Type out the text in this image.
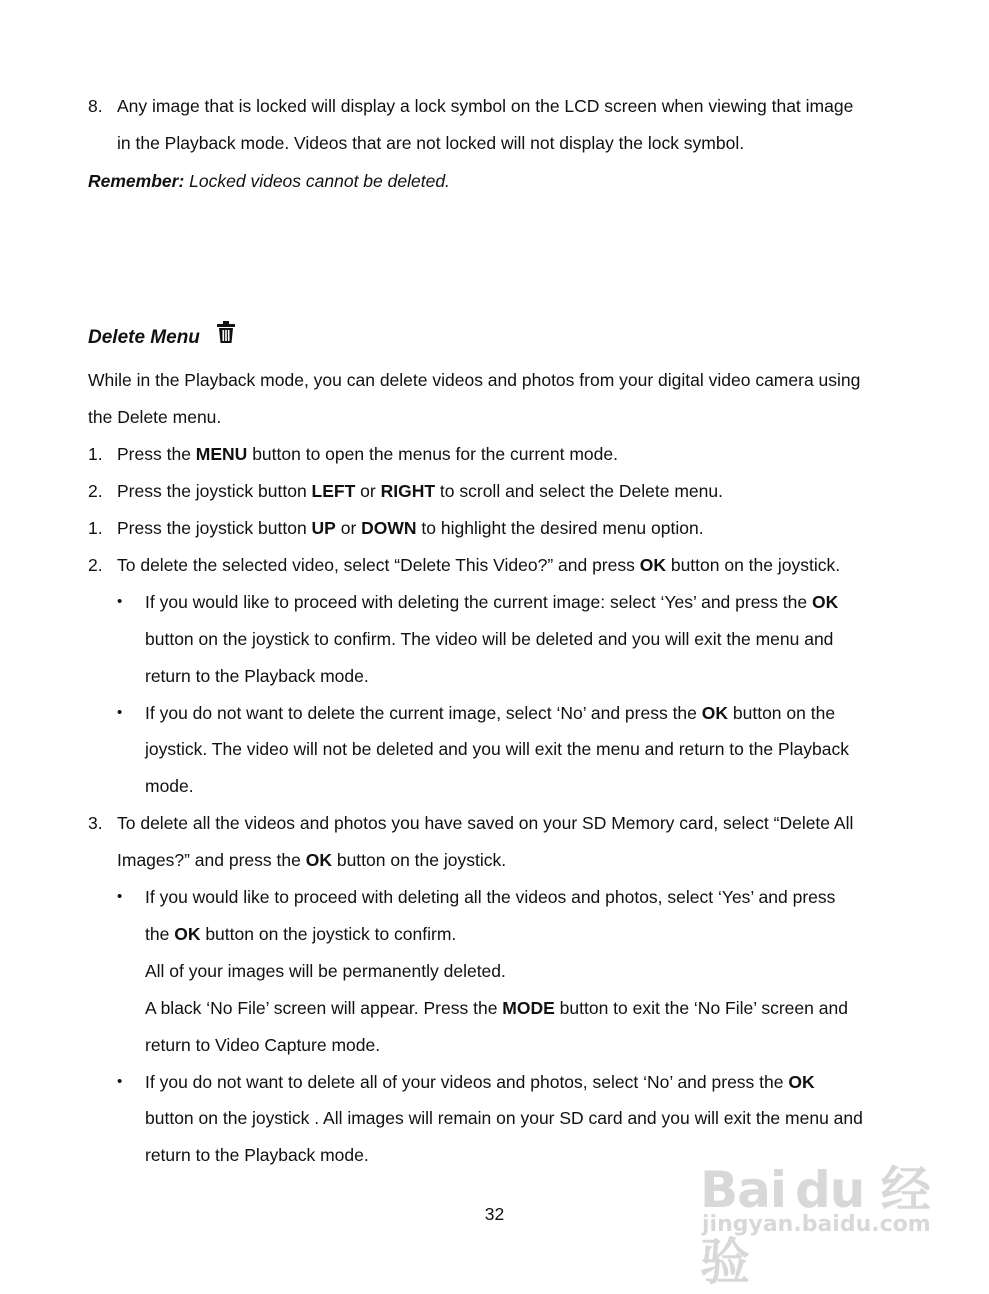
8. Any image that is locked will display a lock symbol on the LCD screen when viewing that image
in the Playback mode. Videos that are not locked will not display the lock symbol.
Remember: Locked videos cannot be deleted.
Delete Menu
While in the Playback mode, you can delete videos and photos from your digital video camera using
the Delete menu.
1. Press the MENU button to open the menus for the current mode.
2. Press the joystick button LEFT or RIGHT to scroll and select the Delete menu.
1. Press the joystick button UP or DOWN to highlight the desired menu option.
2. To delete the selected video, select “Delete This Video?” and press OK button on the joystick.
• If you would like to proceed with deleting the current image: select ‘Yes’ and press the OK
button on the joystick to confirm. The video will be deleted and you will exit the menu and
return to the Playback mode.
• If you do not want to delete the current image, select ‘No’ and press the OK button on the
joystick. The video will not be deleted and you will exit the menu and return to the Playback
mode.
3. To delete all the videos and photos you have saved on your SD Memory card, select “Delete All
Images?” and press the OK button on the joystick.
• If you would like to proceed with deleting all the videos and photos, select ‘Yes’ and press
the OK button on the joystick to confirm.
All of your images will be permanently deleted.
A black ‘No File’ screen will appear. Press the MODE button to exit the ‘No File’ screen and
return to Video Capture mode.
• If you do not want to delete all of your videos and photos, select ‘No’ and press the OK
button on the joystick . All images will remain on your SD card and you will exit the menu and
return to the Playback mode.
32	Bai du 经验
jingyan.baidu.com
